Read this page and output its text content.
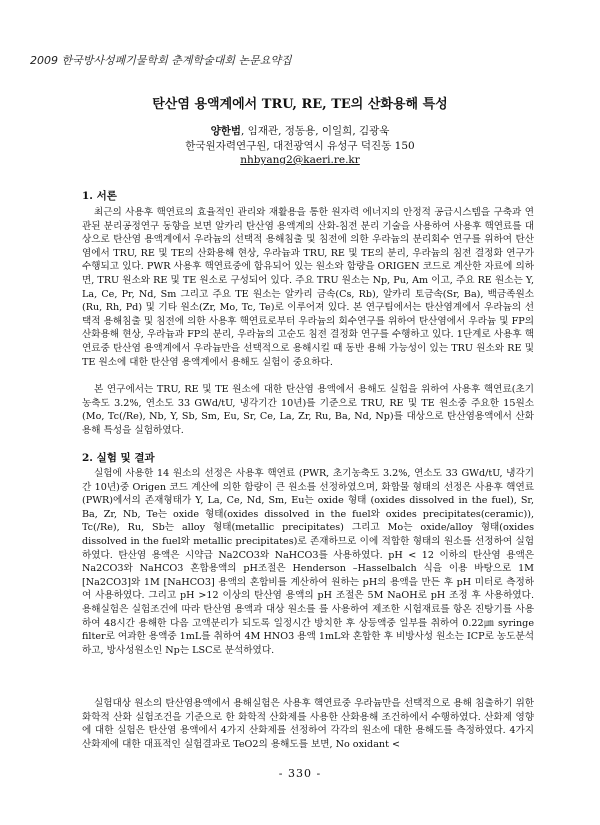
2009 한국방사성폐기물학회 춘계학술대회 논문요약집
탄산염 용액계에서 TRU, RE, TE의 산화용해 특성
양한범, 임재관, 정동용, 이일희, 김광욱
한국원자력연구원, 대전광역시 유성구 덕진동 150
nhbyang2@kaeri.re.kr
1. 서론
최근의 사용후 핵연료의 효율적인 관리와 재활용을 통한 원자력 에너지의 안정적 공급시스템을 구축과 연관된 분리공정연구 동향을 보면 알카리 탄산염 용액계의 산화-침전 분리 기술을 사용하여 사용후 핵연료를 대상으로 탄산염 용액계에서 우라늄의 선택적 용해침출 및 침전에 의한 우라늄의 분리회수 연구를 위하여 탄산염에서 TRU, RE 및 TE의 산화용해 현상, 우라늄과 TRU, RE 및 TE의 분리, 우라늄의 침전 결정화 연구가 수행되고 있다. PWR 사용후 핵연료중에 함유되어 있는 원소와 함량을 ORIGEN 코드로 계산한 자료에 의하면, TRU 원소와 RE 및 TE 원소로 구성되어 있다. 주요 TRU 원소는 Np, Pu, Am 이고, 주요 RE 원소는 Y, La, Ce, Pr, Nd, Sm 그리고 주요 TE 원소는 알카리 금속(Cs, Rb), 알카리 토금속(Sr, Ba), 백금족원소(Ru, Rh, Pd) 및 기타 원소(Zr, Mo, Tc, Te)로 이루어져 있다. 본 연구팀에서는 탄산염계에서 우라늄의 선택적 용해침출 및 침전에 의한 사용후 핵연료로부터 우라늄의 회수연구를 위하여 탄산염에서 우라늄 및 FP의 산화용해 현상, 우라늄과 FP의 분리, 우라늄의 고순도 침전 결정화 연구를 수행하고 있다. 1단계로 사용후 핵연료중 탄산염 용액계에서 우라늄만을 선택적으로 용해시킬 때 동반 용해 가능성이 있는 TRU 원소와 RE 및 TE 원소에 대한 탄산염 용액계에서 용해도 실험이 중요하다.
본 연구에서는 TRU, RE 및 TE 원소에 대한 탄산염 용액에서 용해도 실험을 위하여 사용후 핵연료(초기농축도 3.2%, 연소도 33 GWd/tU, 냉각기간 10년)를 기준으로 TRU, RE 및 TE 원소중 주요한 15원소(Mo, Tc(/Re), Nb, Y, Sb, Sm, Eu, Sr, Ce, La, Zr, Ru, Ba, Nd, Np)를 대상으로 탄산염용액에서 산화용해 특성을 실험하였다.
2. 실험 및 결과
실험에 사용한 14 원소의 선정은 사용후 핵연료 (PWR, 초기농축도 3.2%, 연소도 33 GWd/tU, 냉각기간 10년)중 Origen 코드 계산에 의한 함량이 큰 원소를 선정하였으며, 화합물 형태의 선정은 사용후 핵연료(PWR)에서의 존재형태가 Y, La, Ce, Nd, Sm, Eu는 oxide 형태 (oxides dissolved in the fuel), Sr, Ba, Zr, Nb, Te는 oxide 형태(oxides dissolved in the fuel와 oxides precipitates(ceramic)), Tc(/Re), Ru, Sb는 alloy 형태(metallic precipitates) 그리고 Mo는 oxide/alloy 형태(oxides dissolved in the fuel와 metallic precipitates)로 존재하므로 이에 적합한 형태의 원소를 선정하여 실험하였다. 탄산염 용액은 시약급 Na2CO3와 NaHCO3를 사용하였다. pH < 12 이하의 탄산염 용액은 Na2CO3와 NaHCO3 혼합용액의 pH조절은 Henderson –Hasselbalch 식을 이용 바탕으로 1M [Na2CO3]와 1M [NaHCO3] 용액의 혼합비를 계산하여 원하는 pH의 용액을 만든 후 pH 미터로 측정하여 사용하였다. 그리고 pH >12 이상의 탄산염 용액의 pH 조절은 5M NaOH로 pH 조정 후 사용하였다. 용해실험은 실험조건에 따라 탄산염 용액과 대상 원소를 를 사용하여 제조한 시험재료를 항온 진탕기를 사용하여 48시간 용해한 다음 고액분리가 되도록 일정시간 방치한 후 상등액중 일부를 취하여 0.22㎛ syringe filter로 여과한 용액중 1mL를 취하여 4M HNO3 용액 1mL와 혼합한 후 비방사성 원소는 ICP로 농도분석 하고, 방사성원소인 Np는 LSC로 분석하였다.
실험대상 원소의 탄산염용액에서 용해실험은 사용후 핵연료중 우라늄만을 선택적으로 용해 침출하기 위한 화학적 산화 실험조건을 기준으로 한 화학적 산화제를 사용한 산화용해 조건하에서 수행하였다. 산화제 영향에 대한 실험은 탄산염 용액에서 4가지 산화제를 선정하여 각각의 원소에 대한 용해도를 측정하였다. 4가지 산화제에 대한 대표적인 실험결과로 TeO2의 용해도를 보면, No oxidant <
- 330 -
